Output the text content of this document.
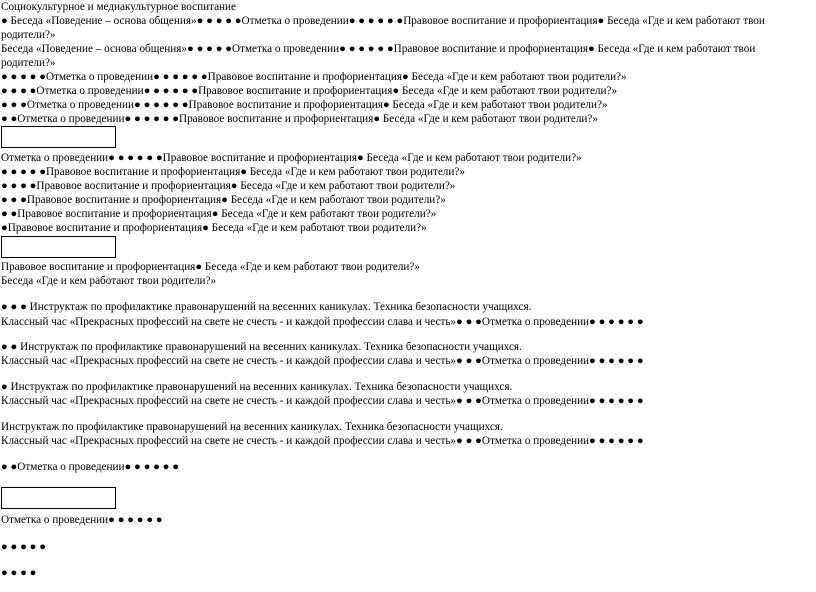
Социокультурное и медиакультурное воспитание
● Беседа «Поведение – основа общения»● ● ● ● ●Отметка о проведении● ● ● ● ● ●Правовое воспитание и профориентация● Беседа «Где и кем работают твои родители?»
Беседа «Поведение – основа общения»● ● ● ● ●Отметка о проведении● ● ● ● ● ●Правовое воспитание и профориентация● Беседа «Где и кем работают твои родители?»
● ● ● ● ●Отметка о проведении● ● ● ● ● ●Правовое воспитание и профориентация● Беседа «Где и кем работают твои родители?»
● ● ● ●Отметка о проведении● ● ● ● ● ●Правовое воспитание и профориентация● Беседа «Где и кем работают твои родители?»
● ● ●Отметка о проведении● ● ● ● ● ●Правовое воспитание и профориентация● Беседа «Где и кем работают твои родители?»
● ●Отметка о проведении● ● ● ● ● ●Правовое воспитание и профориентация● Беседа «Где и кем работают твои родители?»
Отметка о проведении● ● ● ● ● ●Правовое воспитание и профориентация● Беседа «Где и кем работают твои родители?»
● ● ● ● ●Правовое воспитание и профориентация● Беседа «Где и кем работают твои родители?»
● ● ● ●Правовое воспитание и профориентация● Беседа «Где и кем работают твои родители?»
● ● ●Правовое воспитание и профориентация● Беседа «Где и кем работают твои родители?»
● ●Правовое воспитание и профориентация● Беседа «Где и кем работают твои родители?»
●Правовое воспитание и профориентация● Беседа «Где и кем работают твои родители?»
Правовое воспитание и профориентация● Беседа «Где и кем работают твои родители?»
Беседа «Где и кем работают твои родители?»
● ● ● Инструктаж по профилактике правонарушений на весенних каникулах. Техника безопасности учащихся.
Классный час «Прекрасных профессий на свете не счесть - и каждой профессии слава и честь»● ● ●Отметка о проведении● ● ● ● ● ●
● ● Инструктаж по профилактике правонарушений на весенних каникулах. Техника безопасности учащихся.
Классный час «Прекрасных профессий на свете не счесть - и каждой профессии слава и честь»● ● ●Отметка о проведении● ● ● ● ● ●
● Инструктаж по профилактике правонарушений на весенних каникулах. Техника безопасности учащихся.
Классный час «Прекрасных профессий на свете не счесть - и каждой профессии слава и честь»● ● ●Отметка о проведении● ● ● ● ● ●
Инструктаж по профилактике правонарушений на весенних каникулах. Техника безопасности учащихся.
Классный час «Прекрасных профессий на свете не счесть - и каждой профессии слава и честь»● ● ●Отметка о проведении● ● ● ● ● ●
● ●Отметка о проведении● ● ● ● ● ●
Отметка о проведении● ● ● ● ● ●
● ● ● ● ●
● ● ● ●
